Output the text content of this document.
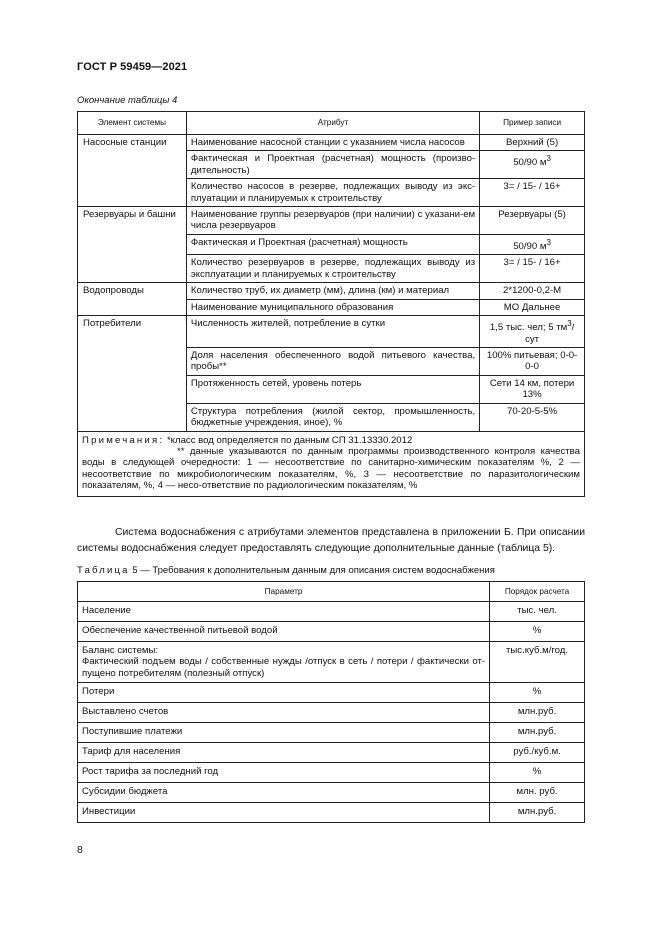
ГОСТ Р 59459—2021
Окончание таблицы 4
Элемент системы	Атрибут	Пример записи
Насосные станции	Наименование насосной станции с указанием числа насосов	Верхний (5)
	Фактическая и Проектная (расчетная) мощность (произво-дительность)	50/90 $м^3$
	Количество насосов в резерве, подлежащих выводу из экс-плуатации и планируемых к строительству	3= / 15- / 16+
Резервуары и башни	Наименование группы резервуаров (при наличии) с указани-ем числа резервуаров	Резервуары (5)
	Фактическая и Проектная (расчетная) мощность	50/90 $м^3$
	Количество резервуаров в резерве, подлежащих выводу из эксплуатации и планируемых к строительству	3= / 15- / 16+
Водопроводы	Количество труб, их диаметр (мм), длина (км) и материал	2*1200-0,2-М
	Наименование муниципального образования	МО Дальнее
Потребители	Численность жителей, потребление в сутки	1,5 тыс. чел; 5 $тм^3$/сут
	Доля населения обеспеченного водой питьевого качества, пробы**	100% питьевая; 0-0-0-0
	Протяженность сетей, уровень потерь	Сети 14 км, потери 13%
	Структура потребления (жилой сектор, промышленность, бюджетные учреждения, иное), %	70-20-5-5%
Примечания: *класс вод определяется по данным СП 31.13330.2012
** данные указываются по данным программы производственного контроля качества воды в следующей очередности: 1 — несоответствие по санитарно-химическим показателям %, 2 — несоответствие по микробиологическим показателям, %, 3 — несоответствие по паразитологическим показателям, %, 4 — несо-ответствие по радиологическим показателям, %		
Система водоснабжения с атрибутами элементов представлена в приложении Б. При описании системы водоснабжения следует предоставлять следующие дополнительные данные (таблица 5).
Таблица 5 — Требования к дополнительным данным для описания систем водоснабжения
Параметр	Порядок расчета
Население	тыс. чел.
Обеспечение качественной питьевой водой	%
Баланс системы:
Фактический подъем воды / собственные нужды /отпуск в сеть / потери / фактически от-пущено потребителям (полезный отпуск)	тыс.куб.м/год.
Потери	%
Выставлено счетов	млн.руб.
Поступившие платежи	млн.руб.
Тариф для населения	руб./куб.м.
Рост тарифа за последний год	%
Субсидии бюджета	млн. руб.
Инвестиции	млн.руб.
8
